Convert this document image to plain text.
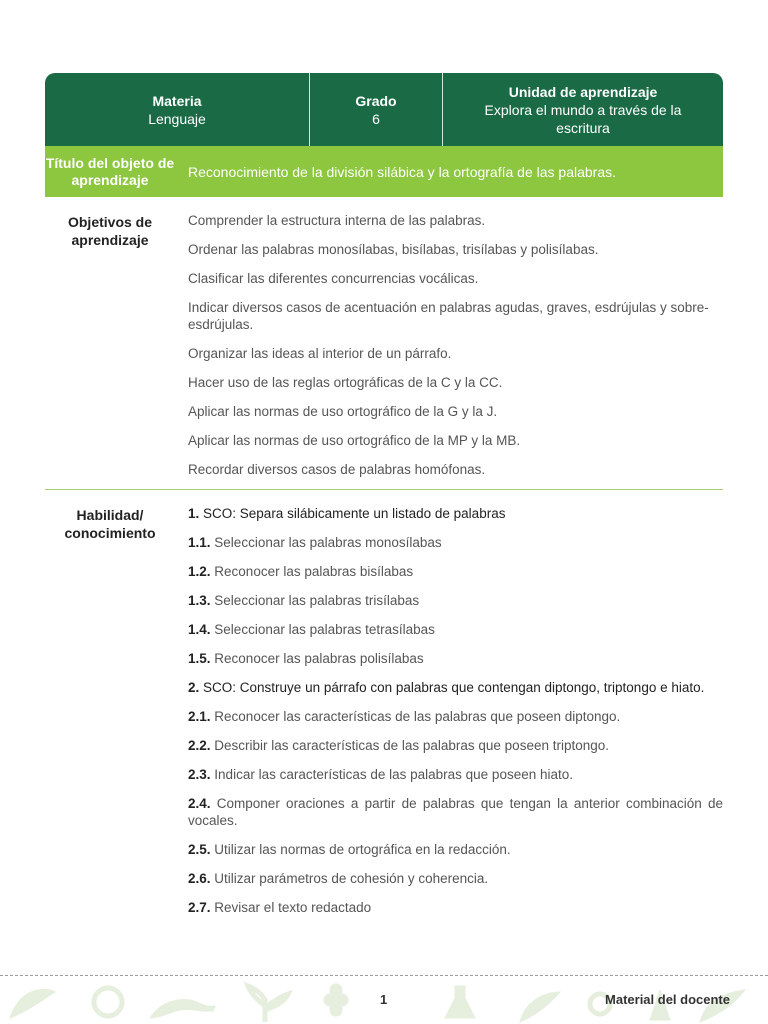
Materia
Lenguaje
Grado
6
Unidad de aprendizaje
Explora el mundo a través de la escritura
Título del objeto de aprendizaje	Reconocimiento de la división silábica y la ortografía de las palabras.
Objetivos de aprendizaje
Comprender la estructura interna de las palabras.
Ordenar las palabras monosílabas, bisílabas, trisílabas y polisílabas.
Clasificar las diferentes concurrencias vocálicas.
Indicar diversos casos de acentuación en palabras agudas, graves, esdrújulas y sobre-esdrújulas.
Organizar las ideas al interior de un párrafo.
Hacer uso de las reglas ortográficas de la C y la CC.
Aplicar las normas de uso ortográfico de la G y la J.
Aplicar las normas de uso ortográfico de la MP y la MB.
Recordar diversos casos de palabras homófonas.
Habilidad/ conocimiento
1. SCO: Separa silábicamente un listado de palabras
1.1. Seleccionar las palabras monosílabas
1.2. Reconocer las palabras bisílabas
1.3. Seleccionar las palabras trisílabas
1.4. Seleccionar las palabras tetrasílabas
1.5. Reconocer las palabras polisílabas
2. SCO: Construye un párrafo con palabras que contengan diptongo, triptongo e hiato.
2.1. Reconocer las características de las palabras que poseen diptongo.
2.2. Describir las características de las palabras que poseen triptongo.
2.3. Indicar las características de las palabras que poseen hiato.
2.4. Componer oraciones a partir de palabras que tengan la anterior combinación de vocales.
2.5. Utilizar las normas de ortográfica en la redacción.
2.6. Utilizar parámetros de cohesión y coherencia.
2.7. Revisar el texto redactado
1	Material del docente
